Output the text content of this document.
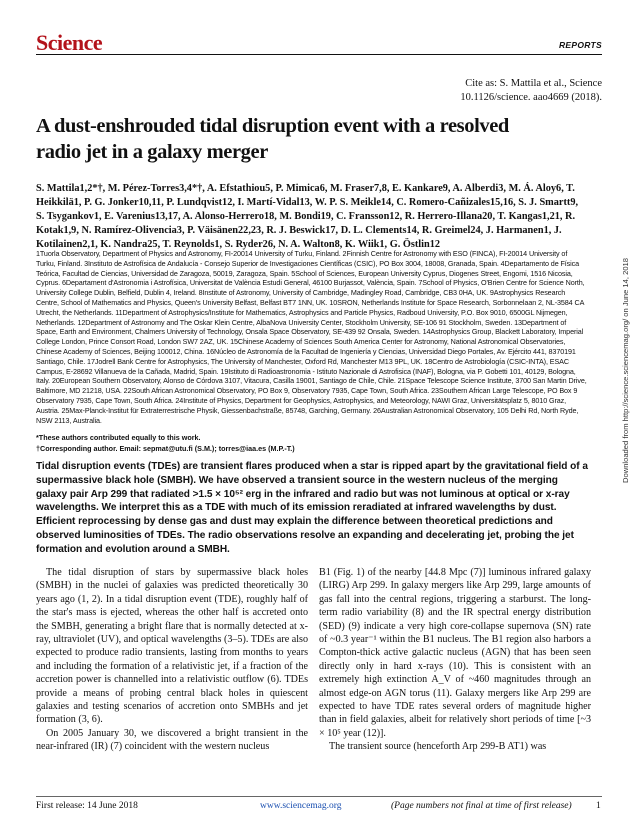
Science	REPORTS
Cite as: S. Mattila et al., Science
10.1126/science. aao4669 (2018).
A dust-enshrouded tidal disruption event with a resolved radio jet in a galaxy merger
S. Mattila1,2*†, M. Pérez-Torres3,4*†, A. Efstathiou5, P. Mimica6, M. Fraser7,8, E. Kankare9, A. Alberdi3, M. Á. Aloy6, T. Heikkilä1, P. G. Jonker10,11, P. Lundqvist12, I. Martí-Vidal13, W. P. S. Meikle14, C. Romero-Cañizales15,16, S. J. Smartt9, S. Tsygankov1, E. Varenius13,17, A. Alonso-Herrero18, M. Bondi19, C. Fransson12, R. Herrero-Illana20, T. Kangas1,21, R. Kotak1,9, N. Ramírez-Olivencia3, P. Väisänen22,23, R. J. Beswick17, D. L. Clements14, R. Greimel24, J. Harmanen1, J. Kotilainen2,1, K. Nandra25, T. Reynolds1, S. Ryder26, N. A. Walton8, K. Wiik1, G. Östlin12
1Tuorla Observatory, Department of Physics and Astronomy, FI-20014 University of Turku, Finland. 2Finnish Centre for Astronomy with ESO (FINCA), FI-20014 University of Turku, Finland. 3Instituto de Astrofísica de Andalucía - Consejo Superior de Investigaciones Científicas (CSIC), PO Box 3004, 18008, Granada, Spain. 4Departamento de Física Teórica, Facultad de Ciencias, Universidad de Zaragoza, 50019, Zaragoza, Spain. 5School of Sciences, European University Cyprus, Diogenes Street, Engomi, 1516 Nicosia, Cyprus. 6Departament d'Astronomia i Astrofísica, Universitat de València Estudi General, 46100 Burjassot, València, Spain. 7School of Physics, O'Brien Centre for Science North, University College Dublin, Belfield, Dublin 4, Ireland. 8Institute of Astronomy, University of Cambridge, Madingley Road, Cambridge, CB3 0HA, UK. 9Astrophysics Research Centre, School of Mathematics and Physics, Queen's University Belfast, Belfast BT7 1NN, UK. 10SRON, Netherlands Institute for Space Research, Sorbonnelaan 2, NL-3584 CA Utrecht, the Netherlands. 11Department of Astrophysics/Institute for Mathematics, Astrophysics and Particle Physics, Radboud University, P.O. Box 9010, 6500GL Nijmegen, Netherlands. 12Department of Astronomy and The Oskar Klein Centre, AlbaNova University Center, Stockholm University, SE-106 91 Stockholm, Sweden. 13Department of Space, Earth and Environment, Chalmers University of Technology, Onsala Space Observatory, SE-439 92 Onsala, Sweden. 14Astrophysics Group, Blackett Laboratory, Imperial College London, Prince Consort Road, London SW7 2AZ, UK. 15Chinese Academy of Sciences South America Center for Astronomy, National Astronomical Observatories, Chinese Academy of Sciences, Beijing 100012, China. 16Núcleo de Astronomía de la Facultad de Ingeniería y Ciencias, Universidad Diego Portales, Av. Ejército 441, 8370191 Santiago, Chile. 17Jodrell Bank Centre for Astrophysics, The University of Manchester, Oxford Rd, Manchester M13 9PL, UK. 18Centro de Astrobiología (CSIC-INTA), ESAC Campus, E-28692 Villanueva de la Cañada, Madrid, Spain. 19Istituto di Radioastronomia - Istituto Nazionale di Astrofisica (INAF), Bologna, via P. Gobetti 101, 40129, Bologna, Italy. 20European Southern Observatory, Alonso de Córdova 3107, Vitacura, Casilla 19001, Santiago de Chile, Chile. 21Space Telescope Science Institute, 3700 San Martin Drive, Baltimore, MD 21218, USA. 22South African Astronomical Observatory, PO Box 9, Observatory 7935, Cape Town, South Africa. 23Southern African Large Telescope, PO Box 9 Observatory 7935, Cape Town, South Africa. 24Institute of Physics, Department for Geophysics, Astrophysics, and Meteorology, NAWI Graz, Universitätsplatz 5, 8010 Graz, Austria. 25Max-Planck-Institut für Extraterrestrische Physik, Giessenbachstraße, 85748, Garching, Germany. 26Australian Astronomical Observatory, 105 Delhi Rd, North Ryde, NSW 2113, Australia.
*These authors contributed equally to this work.
†Corresponding author. Email: sepmat@utu.fi (S.M.); torres@iaa.es (M.P.-T.)
Tidal disruption events (TDEs) are transient flares produced when a star is ripped apart by the gravitational field of a supermassive black hole (SMBH). We have observed a transient source in the western nucleus of the merging galaxy pair Arp 299 that radiated >1.5 × 10⁵² erg in the infrared and radio but was not luminous at optical or x-ray wavelengths. We interpret this as a TDE with much of its emission reradiated at infrared wavelengths by dust. Efficient reprocessing by dense gas and dust may explain the difference between theoretical predictions and observed luminosities of TDEs. The radio observations resolve an expanding and decelerating jet, probing the jet formation and evolution around a SMBH.

The tidal disruption of stars by supermassive black holes (SMBH) in the nuclei of galaxies was predicted theoretically 30 years ago (1, 2). In a tidal disruption event (TDE), roughly half of the star's mass is ejected, whereas the other half is accreted onto the SMBH, generating a bright flare that is normally detected at x-ray, ultraviolet (UV), and optical wavelengths (3–5). TDEs are also expected to produce radio transients, lasting from months to years and including the formation of a relativistic jet, if a fraction of the accretion power is channelled into a relativistic outflow (6). TDEs provide a means of probing central black holes in quiescent galaxies and testing scenarios of accretion onto SMBHs and jet formation (3, 6).

On 2005 January 30, we discovered a bright transient in the near-infrared (IR) (7) coincident with the western nucleus

B1 (Fig. 1) of the nearby [44.8 Mpc (7)] luminous infrared galaxy (LIRG) Arp 299. In galaxy mergers like Arp 299, large amounts of gas fall into the central regions, triggering a starburst. The long-term radio variability (8) and the IR spectral energy distribution (SED) (9) indicate a very high core-collapse supernova (SN) rate of ~0.3 year⁻¹ within the B1 nucleus. The B1 region also harbors a Compton-thick active galactic nucleus (AGN) that has been seen directly only in hard x-rays (10). This is consistent with an extremely high extinction A_V of ~460 magnitudes through an almost edge-on AGN torus (11). Galaxy mergers like Arp 299 are expected to have TDE rates several orders of magnitude higher than in field galaxies, albeit for relatively short periods of time [~3 × 10⁵ year (12)].

The transient source (henceforth Arp 299-B AT1) was

First release: 14 June 2018	www.sciencemag.org	(Page numbers not final at time of first release)	1
Downloaded from http://science.sciencemag.org/ on June 14, 2018
